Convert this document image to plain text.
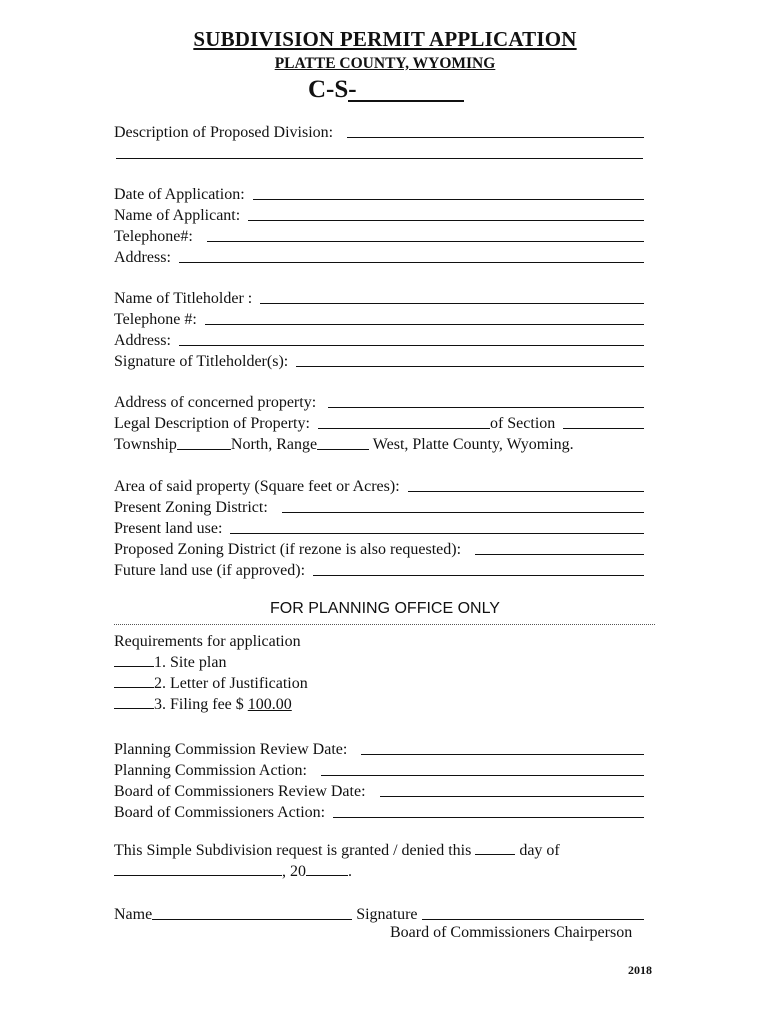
SUBDIVISION PERMIT APPLICATION
PLATTE COUNTY, WYOMING
C-S-
Description of Proposed Division:
Date of Application:
Name of Applicant:
Telephone#:
Address:
Name of Titleholder :
Telephone #:
Address:
Signature of Titleholder(s):
Address of concerned property:
Legal Description of Property:	of Section
Township	North, Range	West, Platte County, Wyoming.
Area of said property (Square feet or Acres):
Present Zoning District:
Present land use:
Proposed Zoning District (if rezone is also requested):
Future land use (if approved):
FOR PLANNING OFFICE ONLY
Requirements for application
1. Site plan
2. Letter of Justification
3. Filing fee $ 100.00
Planning Commission Review Date:
Planning Commission Action:
Board of Commissioners Review Date:
Board of Commissioners Action:
This Simple Subdivision request is granted / denied this	day of
, 20	.
Name	Signature
Board of Commissioners Chairperson
2018
